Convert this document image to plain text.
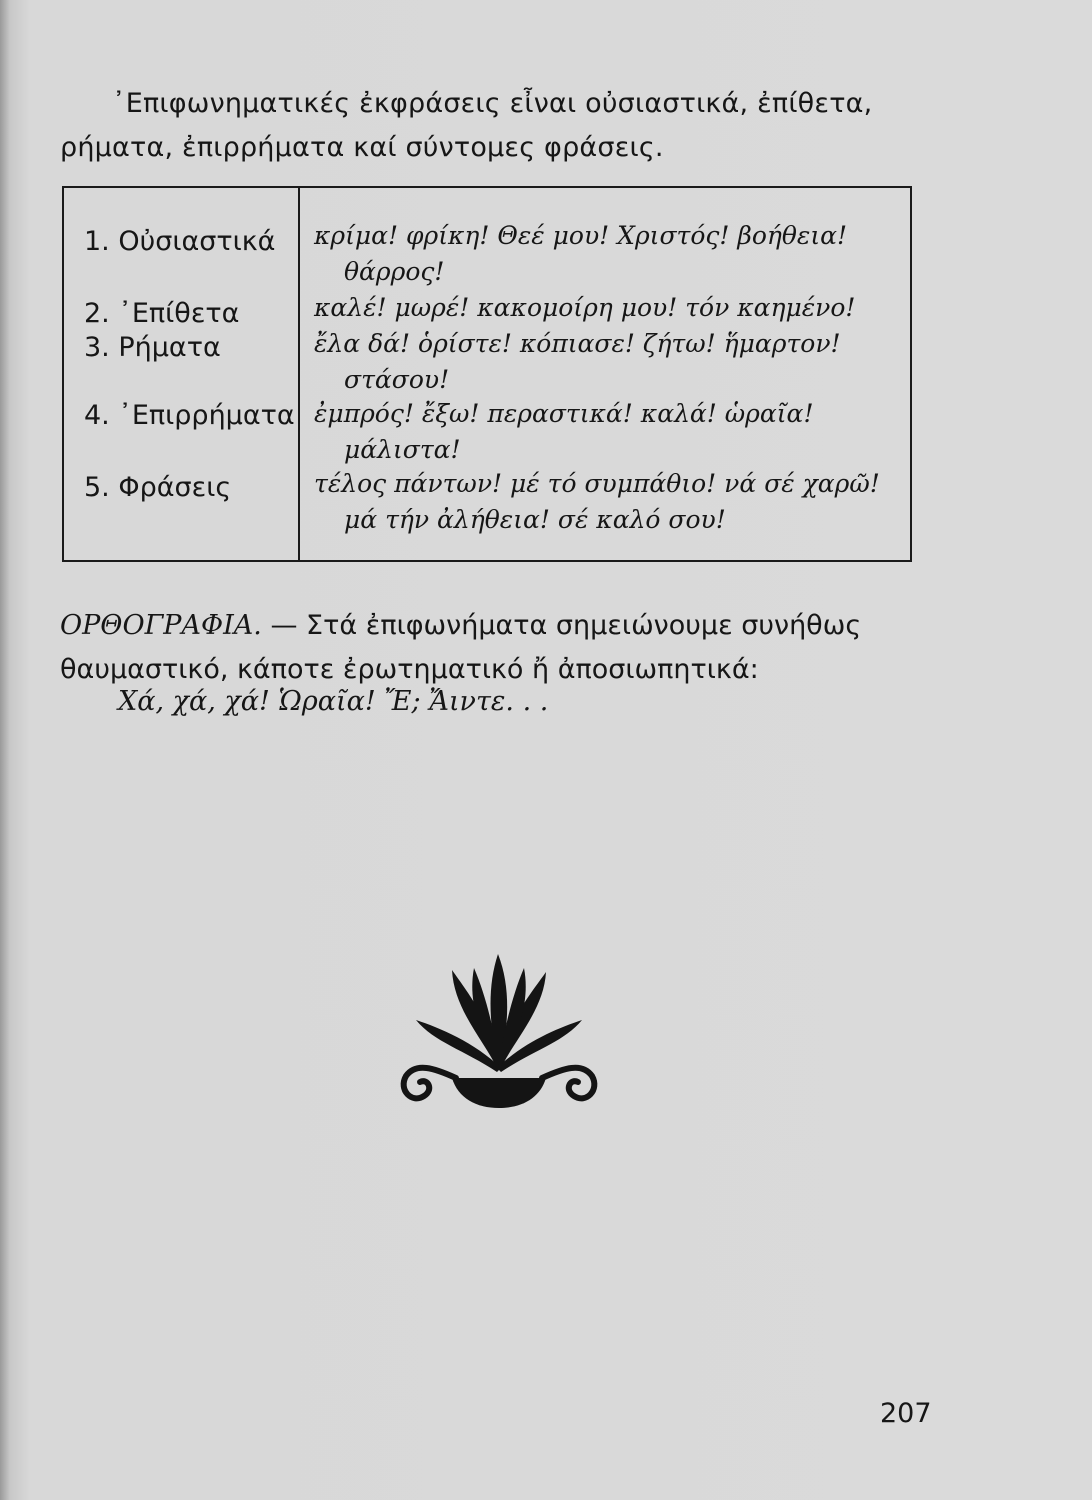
᾿Επιφωνηματικές ἐκφράσεις εἶναι οὐσιαστικά, ἐπίθετα, ρήματα, ἐπιρρήματα καί σύντομες φράσεις.

1. Οὐσιαστικά
2. ᾿Επίθετα
3. Ρήματα
4. ᾿Επιρρήματα
5. Φράσεις
κρίμα! φρίκη! Θεέ μου! Χριστός! βοήθεια!
θάρρος!
καλέ! μωρέ! κακομοίρη μου! τόν καημένο!
ἔλα δά! ὁρίστε! κόπιασε! ζήτω! ἥμαρτον!
στάσου!
ἐμπρός! ἔξω! περαστικά! καλά! ὡραῖα!
μάλιστα!
τέλος πάντων! μέ τό συμπάθιο! νά σέ χαρῶ!
μά τήν ἀλήθεια! σέ καλό σου!

ΟΡΘΟΓΡΑΦΙΑ. — Στά ἐπιφωνήματα σημειώνουμε συνήθως θαυμαστικό, κάποτε ἐρωτηματικό ἤ ἀποσιωπητικά:

Χά, χά, χά! Ὡραῖα! Ἔ; Ἄιντε. . .
207
